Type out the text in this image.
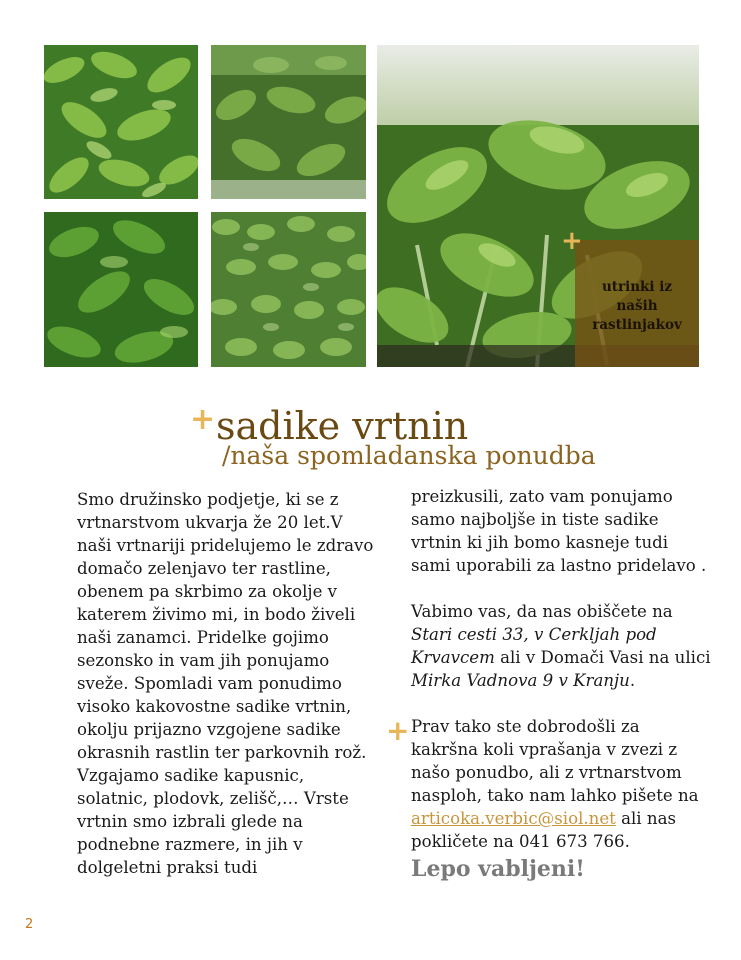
utrinki iz
naših
rastlinjakov
+
+ sadike vrtnin
/naša spomladanska ponudba

Smo družinsko podjetje, ki se z vrtnarstvom ukvarja že 20 let.V naši vrtnariji pridelujemo le zdravo domačo zelenjavo ter rastline, obenem pa skrbimo za okolje v katerem živimo mi, in bodo živeli naši zanamci. Pridelke gojimo sezonsko in vam jih ponujamo sveže. Spomladi vam ponudimo visoko kakovostne sadike vrtnin, okolju prijazno vzgojene sadike okrasnih rastlin ter parkovnih rož. Vzgajamo sadike kapusnic, solatnic, plodovk, zelišč,… Vrste vrtnin smo izbrali glede na podnebne razmere, in jih v dolgeletni praksi tudi

preizkusili, zato vam ponujamo samo najboljše in tiste sadike vrtnin ki jih bomo kasneje tudi sami uporabili za lastno pridelavo .

Vabimo vas, da nas obiščete na Stari cesti 33, v Cerkljah pod Krvavcem ali v Domači Vasi na ulici Mirka Vadnova 9 v Kranju.

Prav tako ste dobrodošli za kakršna koli vprašanja v zvezi z našo ponudbo, ali z vrtnarstvom nasploh, tako nam lahko pišete na articoka.verbic@siol.net ali nas pokličete na 041 673 766.

Lepo vabljeni!
+
2
